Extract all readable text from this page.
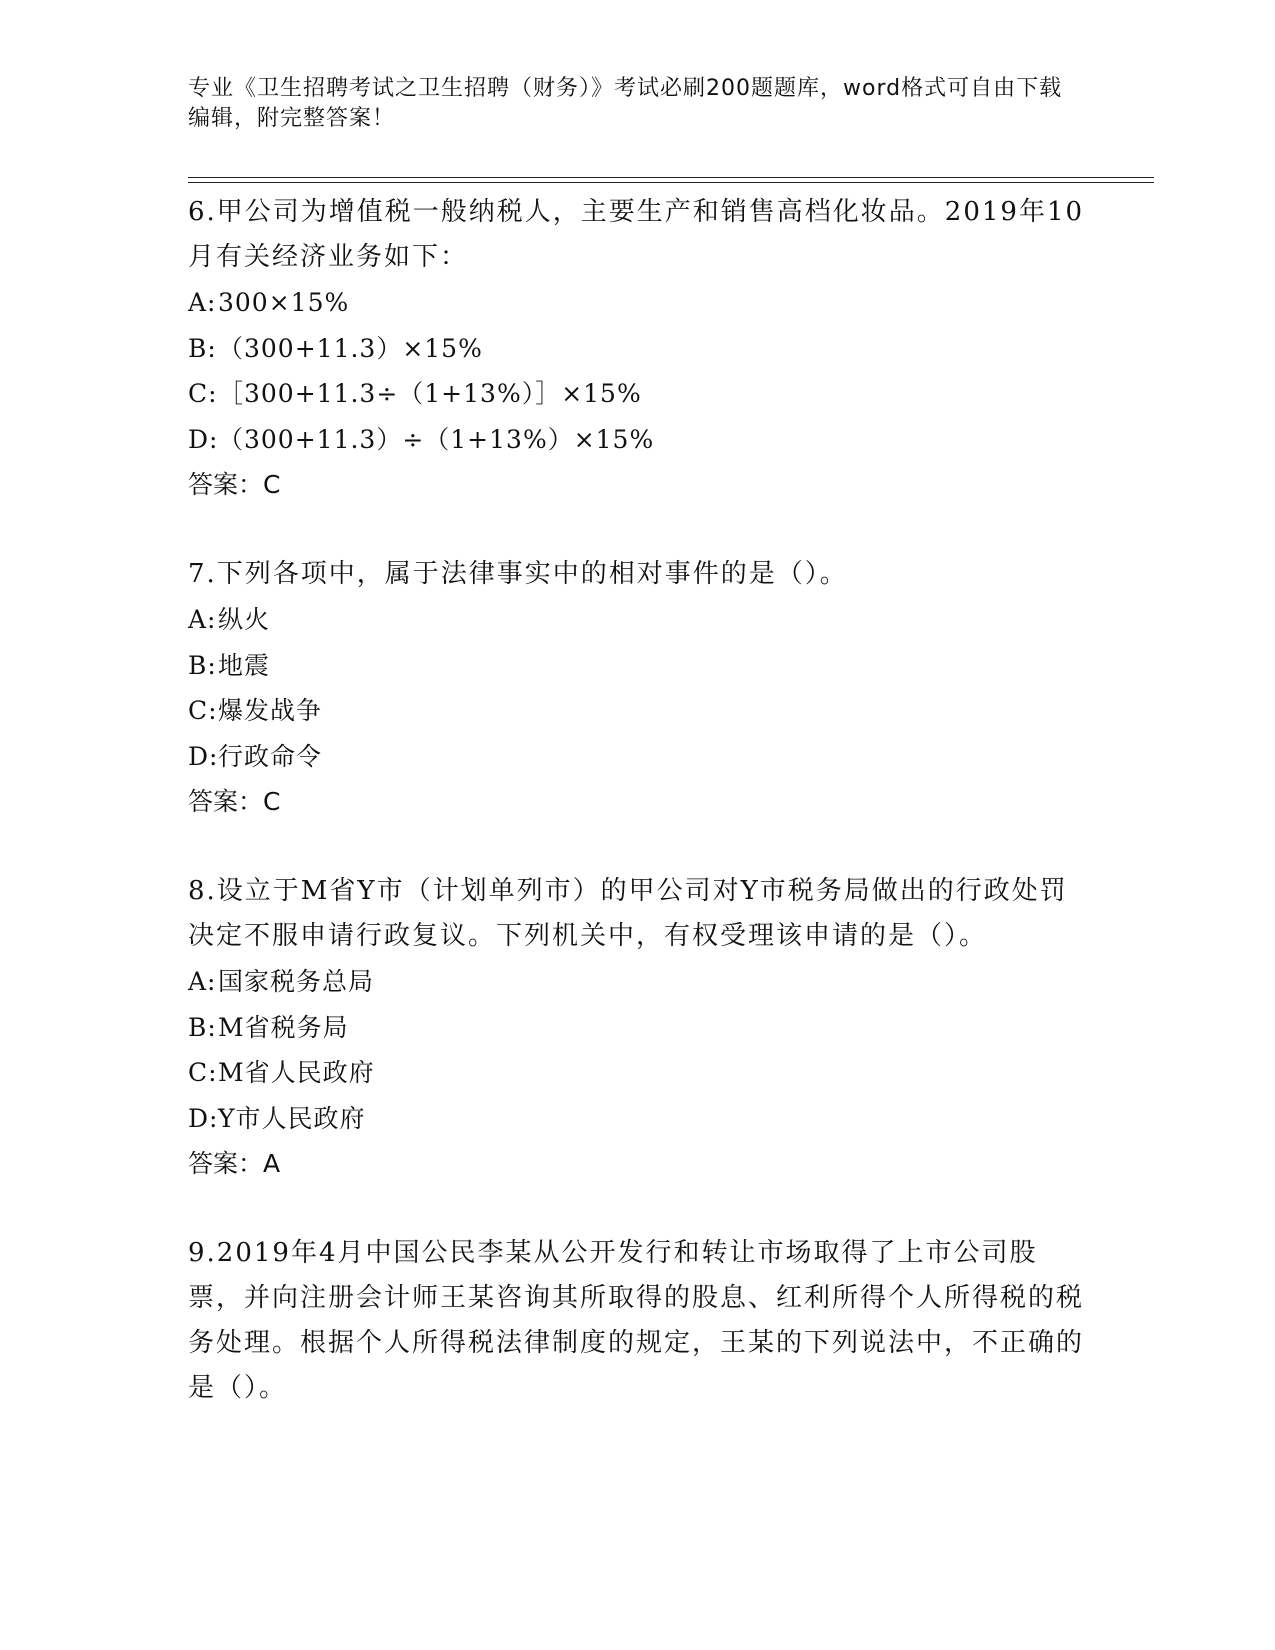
专业《卫生招聘考试之卫生招聘（财务）》考试必刷200题题库，word格式可自由下载编辑，附完整答案！

6.甲公司为增值税一般纳税人，主要生产和销售高档化妆品。2019年10月有关经济业务如下：

A:300×15%

B:（300+11.3）×15%

C:［300+11.3÷（1+13%）］×15%

D:（300+11.3）÷（1+13%）×15%

答案：C

7.下列各项中，属于法律事实中的相对事件的是（）。

A:纵火

B:地震

C:爆发战争

D:行政命令

答案：C

8.设立于M省Y市（计划单列市）的甲公司对Y市税务局做出的行政处罚决定不服申请行政复议。下列机关中，有权受理该申请的是（）。

A:国家税务总局

B:M省税务局

C:M省人民政府

D:Y市人民政府

答案：A

9.2019年4月中国公民李某从公开发行和转让市场取得了上市公司股票，并向注册会计师王某咨询其所取得的股息、红利所得个人所得税的税务处理。根据个人所得税法律制度的规定，王某的下列说法中，不正确的是（）。
